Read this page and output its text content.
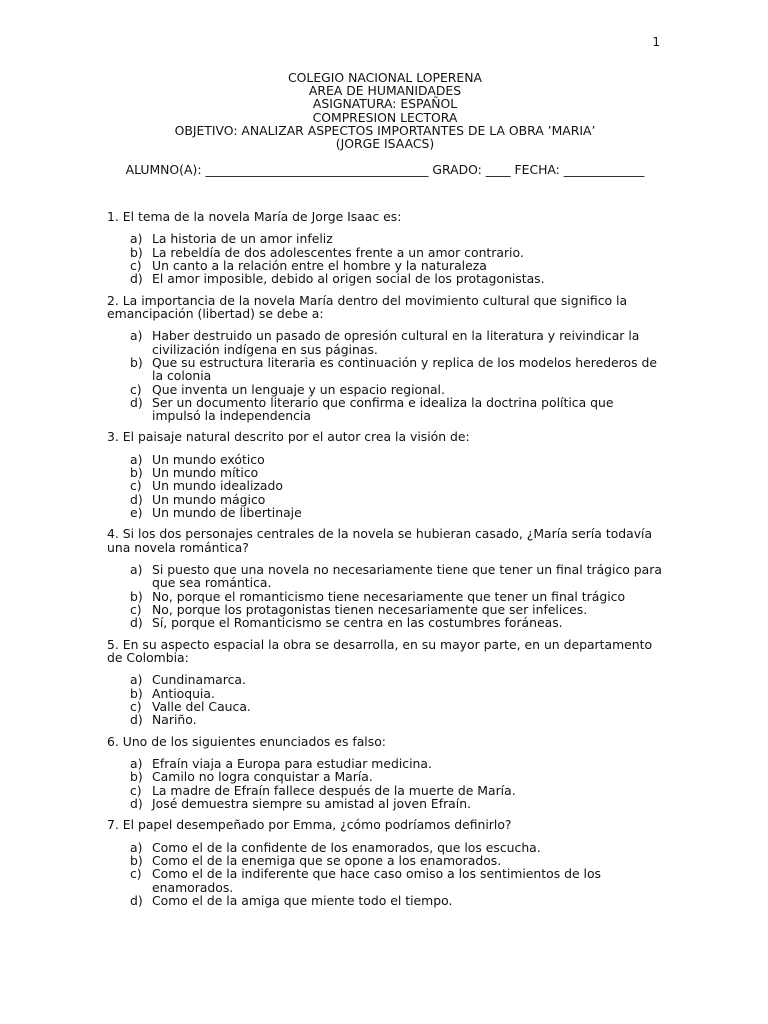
1
COLEGIO NACIONAL LOPERENA
AREA DE HUMANIDADES
ASIGNATURA: ESPAÑOL
COMPRESION LECTORA
OBJETIVO: ANALIZAR ASPECTOS IMPORTANTES DE LA OBRA ’MARIA’
(JORGE ISAACS)
ALUMNO(A): ____________________________________ GRADO: ____ FECHA: _____________
1. El tema de la novela María de Jorge Isaac es:
a) La historia de un amor infeliz
b) La rebeldía de dos adolescentes frente a un amor contrario.
c) Un canto a la relación entre el hombre y la naturaleza
d) El amor imposible, debido al origen social de los protagonistas.
2. La importancia de la novela María dentro del movimiento cultural que significo la emancipación (libertad) se debe a:
a) Haber destruido un pasado de opresión cultural en la literatura y reivindicar la civilización indígena en sus páginas.
b) Que su estructura literaria es continuación y replica de los modelos herederos de la colonia
c) Que inventa un lenguaje y un espacio regional.
d) Ser un documento literario que confirma e idealiza la doctrina política que impulsó la independencia
3. El paisaje natural descrito por el autor crea la visión de:
a) Un mundo exótico
b) Un mundo mítico
c) Un mundo idealizado
d) Un mundo mágico
e) Un mundo de libertinaje
4. Si los dos personajes centrales de la novela se hubieran casado, ¿María sería todavía una novela romántica?
a) Si puesto que una novela no necesariamente tiene que tener un final trágico para que sea romántica.
b) No, porque el romanticismo tiene necesariamente que tener un final trágico
c) No, porque los protagonistas tienen necesariamente que ser infelices.
d) Sí, porque el Romanticismo se centra en las costumbres foráneas.
5. En su aspecto espacial la obra se desarrolla, en su mayor parte, en un departamento de Colombia:
a) Cundinamarca.
b) Antioquia.
c) Valle del Cauca.
d) Nariño.
6. Uno de los siguientes enunciados es falso:
a) Efraín viaja a Europa para estudiar medicina.
b) Camilo no logra conquistar a María.
c) La madre de Efraín fallece después de la muerte de María.
d) José demuestra siempre su amistad al joven Efraín.
7. El papel desempeñado por Emma, ¿cómo podríamos definirlo?
a) Como el de la confidente de los enamorados, que los escucha.
b) Como el de la enemiga que se opone a los enamorados.
c) Como el de la indiferente que hace caso omiso a los sentimientos de los enamorados.
d) Como el de la amiga que miente todo el tiempo.
